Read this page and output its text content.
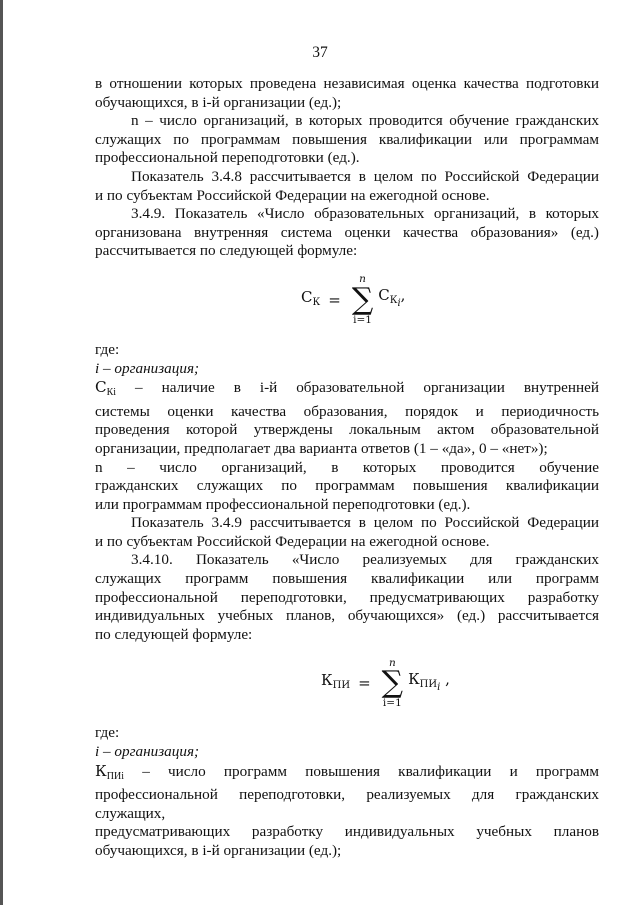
37

в отношении которых проведена независимая оценка качества подготовки

обучающихся, в i-й организации (ед.);

n – число организаций, в которых проводится обучение гражданских

служащих по программам повышения квалификации или программам

профессиональной переподготовки (ед.).

Показатель 3.4.8 рассчитывается в целом по Российской Федерации

и по субъектам Российской Федерации на ежегодной основе.

3.4.9. Показатель «Число образовательных организаций, в которых

организована внутренняя система оценки качества образования» (ед.)

рассчитывается по следующей формуле:

$С_К$ =
n
∑
i=1
$С_{К_i}$,

где:

i – организация;

$С_{Кi}$ – наличие в i-й образовательной организации внутренней

системы оценки качества образования, порядок и периодичность

проведения которой утверждены локальным актом образовательной

организации, предполагает два варианта ответов (1 – «да», 0 – «нет»);

n – число организаций, в которых проводится обучение

гражданских служащих по программам повышения квалификации

или программам профессиональной переподготовки (ед.).

Показатель 3.4.9 рассчитывается в целом по Российской Федерации

и по субъектам Российской Федерации на ежегодной основе.

3.4.10. Показатель «Число реализуемых для гражданских

служащих программ повышения квалификации или программ

профессиональной переподготовки, предусматривающих разработку

индивидуальных учебных планов, обучающихся» (ед.) рассчитывается

по следующей формуле:

$К_{ПИ}$ =
n
∑
i=1
$К_{ПИ_i}$ ,

где:

i – организация;

$К_{ПИi}$ – число программ повышения квалификации и программ

профессиональной переподготовки, реализуемых для гражданских служащих,

предусматривающих разработку индивидуальных учебных планов

обучающихся, в i-й организации (ед.);
